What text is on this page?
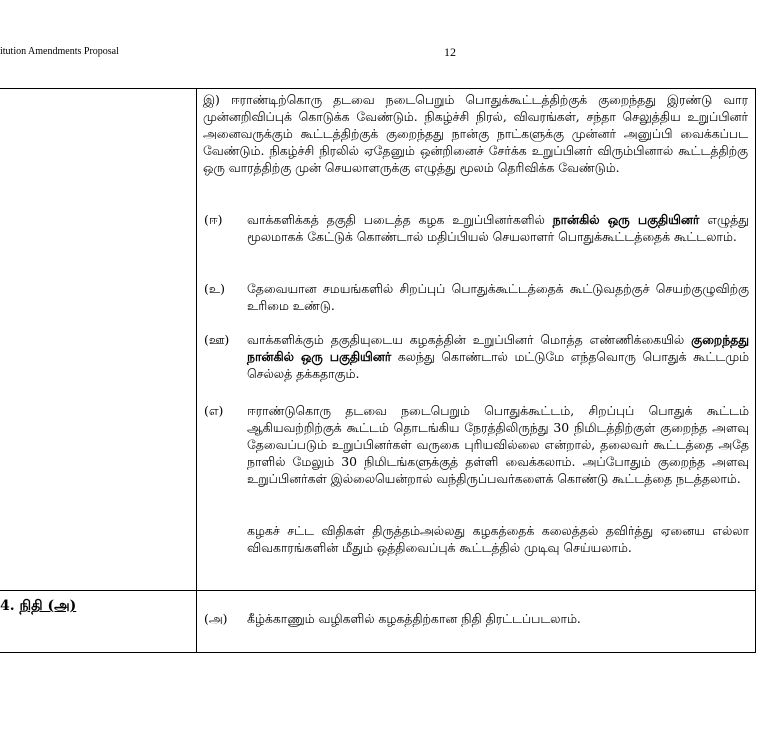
itution Amendments Proposal	12
இ) ஈராண்டிற்கொரு தடவை நடைபெறும் பொதுக்கூட்டத்திற்குக் குறைந்தது இரண்டு வார முன்னறிவிப்புக் கொடுக்க வேண்டும். நிகழ்ச்சி நிரல், விவரங்கள், சந்தா செலுத்திய உறுப்பினர் அனைவருக்கும் கூட்டத்திற்குக் குறைந்தது நான்கு நாட்களுக்கு முன்னர் அனுப்பி வைக்கப்பட வேண்டும். நிகழ்ச்சி நிரலில் ஏதேனும் ஒன்றினைச் சேர்க்க உறுப்பினர் விரும்பினால் கூட்டத்திற்கு ஒரு வாரத்திற்கு முன் செயலாளருக்கு எழுத்து மூலம் தெரிவிக்க வேண்டும்.
(ஈ) வாக்களிக்கத் தகுதி படைத்த கழக உறுப்பினர்களில் நான்கில் ஒரு பகுதியினர் எழுத்து மூலமாகக் கேட்டுக் கொண்டால் மதிப்பியல் செயலாளர் பொதுக்கூட்டத்தைக் கூட்டலாம்.
(உ) தேவையான சமயங்களில் சிறப்புப் பொதுக்கூட்டத்தைக் கூட்டுவதற்குச் செயற்குழுவிற்கு உரிமை உண்டு.
(ஊ) வாக்களிக்கும் தகுதியுடைய கழகத்தின் உறுப்பினர் மொத்த எண்ணிக்கையில் குறைந்தது நான்கில் ஒரு பகுதியினர் கலந்து கொண்டால் மட்டுமே எந்தவொரு பொதுக் கூட்டமும் செல்லத் தக்கதாகும்.
(எ) ஈராண்டுகொரு தடவை நடைபெறும் பொதுக்கூட்டம், சிறப்புப் பொதுக் கூட்டம் ஆகியவற்றிற்குக் கூட்டம் தொடங்கிய நேரத்திலிருந்து 30 நிமிடத்திற்குள் குறைந்த அளவு தேவைப்படும் உறுப்பினர்கள் வருகை புரியவில்லை என்றால், தலைவர் கூட்டத்தை அதே நாளில் மேலும் 30 நிமிடங்களுக்குத் தள்ளி வைக்கலாம். அப்போதும் குறைந்த அளவு உறுப்பினர்கள் இல்லையென்றால் வந்திருப்பவர்களைக் கொண்டு கூட்டத்தை நடத்தலாம்.
கழகச் சட்ட விதிகள் திருத்தம்அல்லது கழகத்தைக் கலைத்தல் தவிர்த்து ஏனைய எல்லா விவகாரங்களின் மீதும் ஒத்திவைப்புக் கூட்டத்தில் முடிவு செய்யலாம்.
4. நிதி (அ)
(அ) கீழ்க்காணும் வழிகளில் கழகத்திற்கான நிதி திரட்டப்படலாம்.
